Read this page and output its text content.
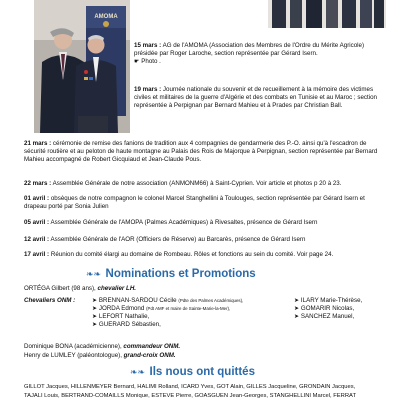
AMOMA
15 mars : AG de l'AMOMA (Association des Membres de l'Ordre du Mérite Agricole) présidée par Roger Laroche, section représentée par Gérard Isern.
☛ Photo .
19 mars : Journée nationale du souvenir et de recueillement à la mémoire des victimes civiles et militaires de la guerre d'Algérie et des combats en Tunisie et au Maroc ; section représentée à Perpignan par Bernard Mahieu et à Prades par Christian Ball.
21 mars : cérémonie de remise des fanions de tradition aux 4 compagnies de gendarmerie des P.-O. ainsi qu'à l'escadron de sécurité routière et au peloton de haute montagne au Palais des Rois de Majorque à Perpignan, section représentée par Bernard Mahieu accompagné de Robert Gicquiaud et Jean-Claude Pous.
22 mars : Assemblée Générale de notre association (ANMONM66) à Saint-Cyprien. Voir article et photos p 20 à 23.
01 avril : obsèques de notre compagnon le colonel Marcel Stanghellini à Toulouges, section représentée par Gérard Isern et drapeau porté par Sonia Julien
05 avril : Assemblée Générale de l'AMOPA (Palmes Académiques) à Rivesaltes, présence de Gérard Isern
12 avril : Assemblée Générale de l'AOR (Officiers de Réserve) au Barcarès, présence de Gérard Isern
17 avril : Réunion du comité élargi au domaine de Rombeau. Rôles et fonctions au sein du comité. Voir page 24.
❧❧ Nominations et Promotions
ORTÉGA Gilbert (98 ans), chevalier LH.
Chevaliers ONM :	➤ BRENNAN-SARDOU Cécile (Pdte des Palmes Académiques),
➤ JORDA Edmond (Pdt AMF et maire de Sainte-Marie-la-Mer),
➤ LEFORT Nathalie,
➤ GUERARD Sébastien,
➤ ILARY Marie-Thérèse,
➤ GOMARIR Nicolas,
➤ SANCHEZ Manuel,
Dominique BONA (académicienne), commandeur ONM.
Henry de LUMLEY (paléontologue), grand-croix ONM.
❧❧ Ils nous ont quittés
GILLOT Jacques, HILLENMEYER Bernard, HALIMI Rolland, ICARD Yves, GOT Alain, GILLES Jacqueline, GRONDAIN Jacques,
TAJALI Louis, BERTRAND-COMAILLS Monique, ESTEVE Pierre, GOASGUEN Jean-Georges, STANGHELLINI Marcel, FERRAT
